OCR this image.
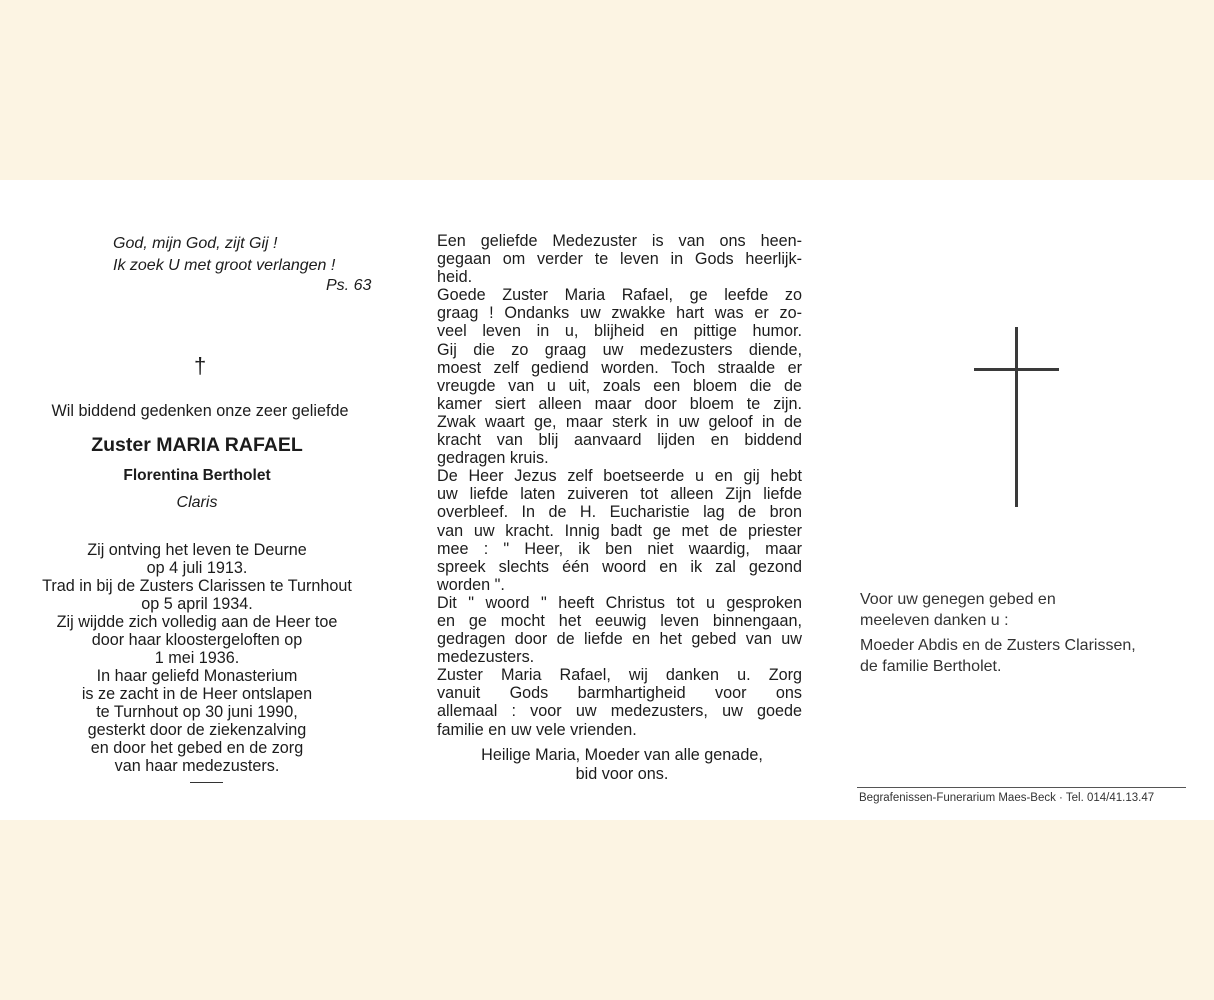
God, mijn God, zijt Gij !
Ik zoek U met groot verlangen !
Ps. 63
†
Wil biddend gedenken onze zeer geliefde
Zuster MARIA RAFAEL
Florentina Bertholet
Claris
Zij ontving het leven te Deurne
op 4 juli 1913.
Trad in bij de Zusters Clarissen te Turnhout
op 5 april 1934.
Zij wijdde zich volledig aan de Heer toe
door haar kloostergeloften op
1 mei 1936.
In haar geliefd Monasterium
is ze zacht in de Heer ontslapen
te Turnhout op 30 juni 1990,
gesterkt door de ziekenzalving
en door het gebed en de zorg
van haar medezusters.

Een geliefde Medezuster is van ons heen-

gegaan om verder te leven in Gods heerlijk-

heid.

Goede Zuster Maria Rafael, ge leefde zo

graag ! Ondanks uw zwakke hart was er zo-

veel leven in u, blijheid en pittige humor.

Gij die zo graag uw medezusters diende,

moest zelf gediend worden. Toch straalde er

vreugde van u uit, zoals een bloem die de

kamer siert alleen maar door bloem te zijn.

Zwak waart ge, maar sterk in uw geloof in de

kracht van blij aanvaard lijden en biddend

gedragen kruis.

De Heer Jezus zelf boetseerde u en gij hebt

uw liefde laten zuiveren tot alleen Zijn liefde

overbleef. In de H. Eucharistie lag de bron

van uw kracht. Innig badt ge met de priester

mee : " Heer, ik ben niet waardig, maar

spreek slechts één woord en ik zal gezond

worden ".

Dit " woord " heeft Christus tot u gesproken

en ge mocht het eeuwig leven binnengaan,

gedragen door de liefde en het gebed van uw

medezusters.

Zuster Maria Rafael, wij danken u. Zorg

vanuit Gods barmhartigheid voor ons

allemaal : voor uw medezusters, uw goede

familie en uw vele vrienden.

Heilige Maria, Moeder van alle genade,
bid voor ons.
Voor uw genegen gebed en
meeleven danken u :
Moeder Abdis en de Zusters Clarissen,
de familie Bertholet.
Begrafenissen-Funerarium Maes-Beck · Tel. 014/41.13.47
